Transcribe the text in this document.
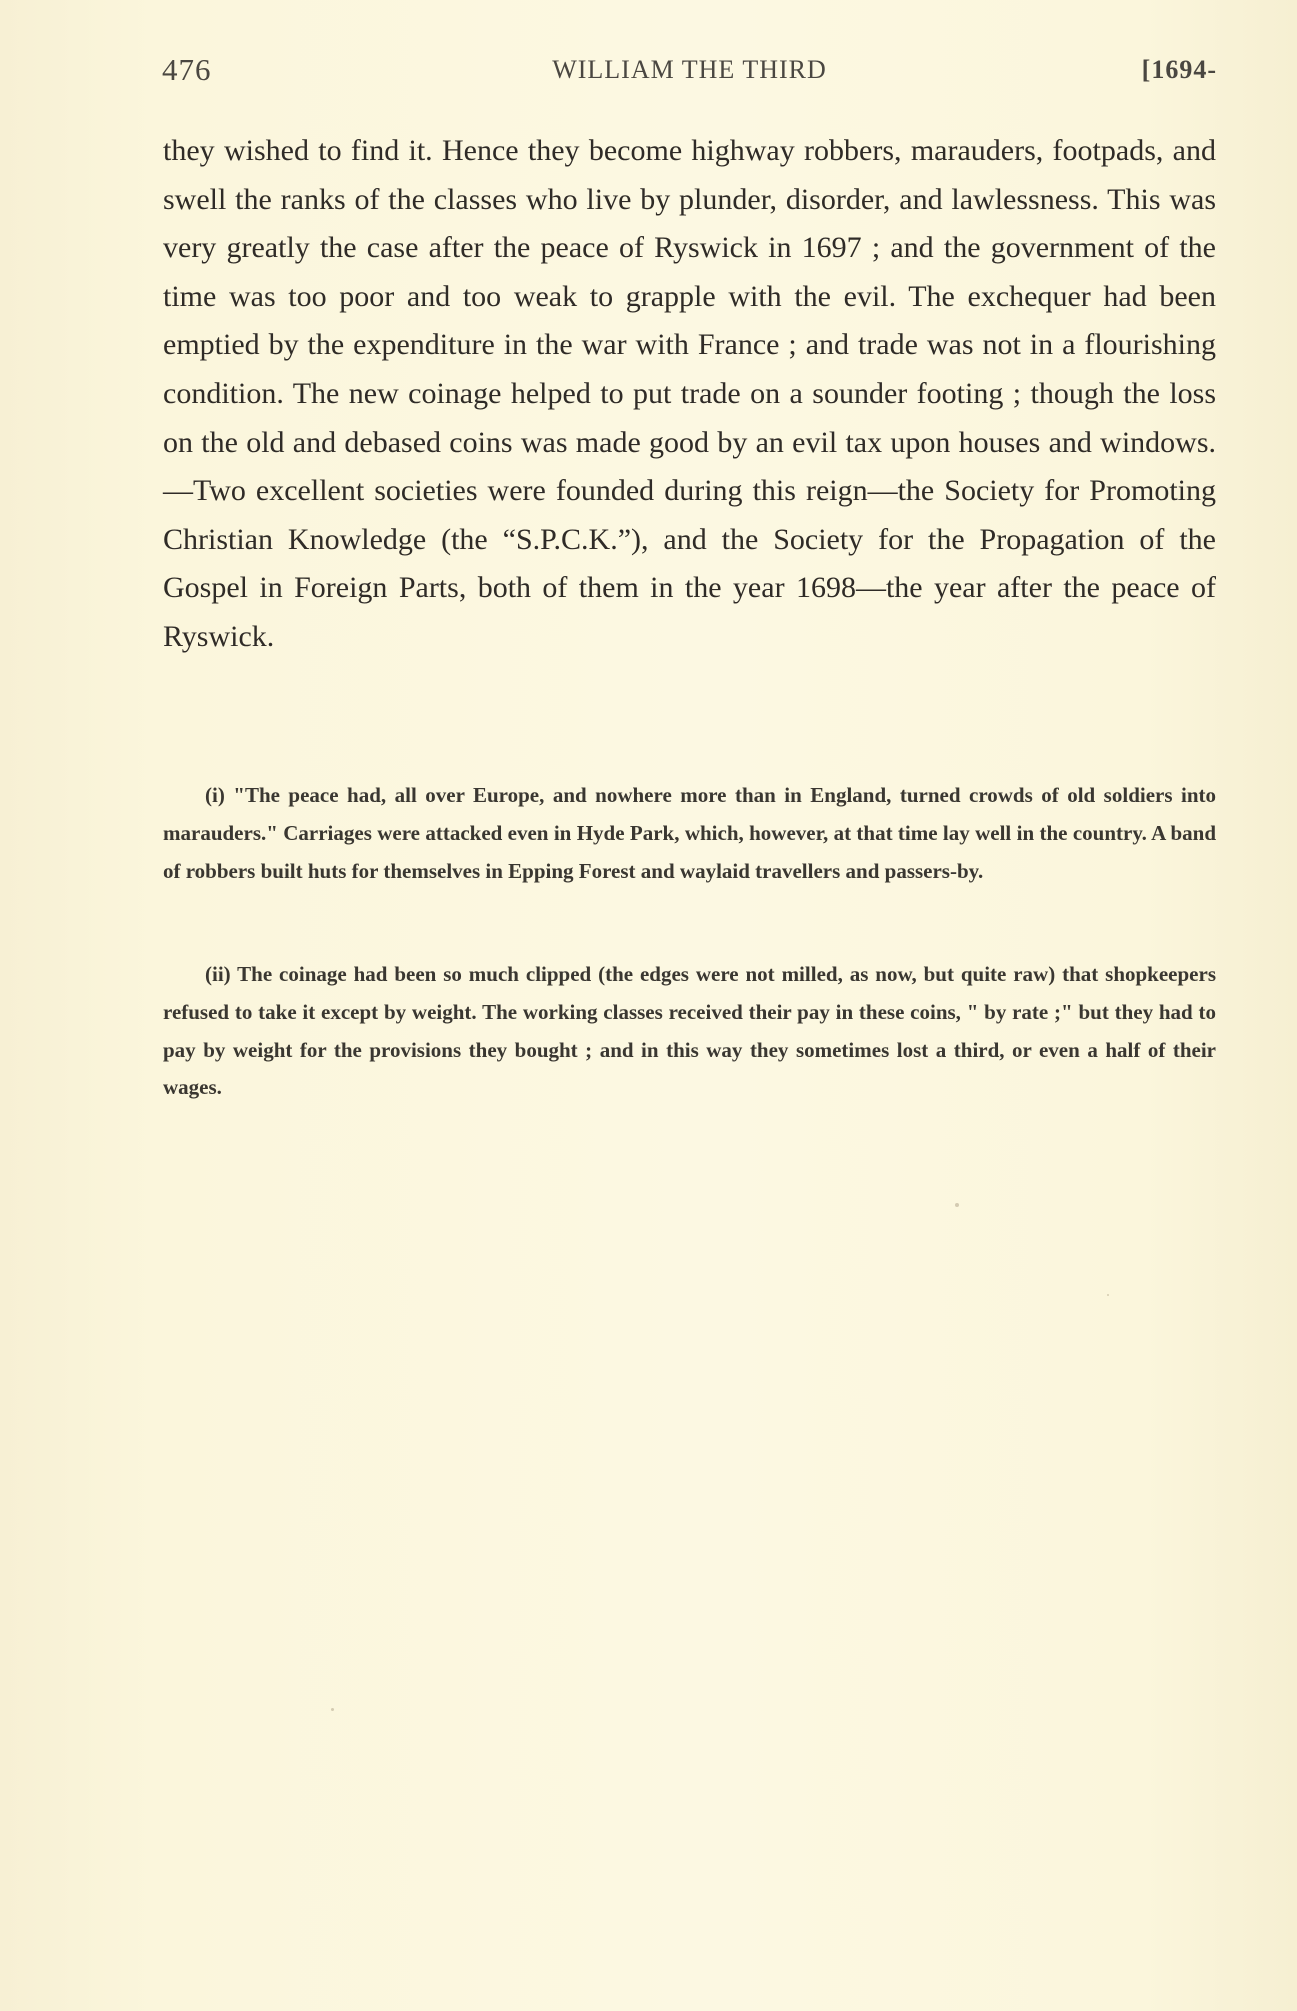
476	WILLIAM THE THIRD	[1694-

they wished to find it. Hence they become highway robbers, marauders, footpads, and swell the ranks of the classes who live by plunder, disorder, and lawlessness. This was very greatly the case after the peace of Ryswick in 1697 ; and the government of the time was too poor and too weak to grapple with the evil. The exchequer had been emptied by the expenditure in the war with France ; and trade was not in a flourishing condition. The new coinage helped to put trade on a sounder footing ; though the loss on the old and debased coins was made good by an evil tax upon houses and windows. —Two excellent societies were founded during this reign—the Society for Promoting Christian Knowledge (the “S.P.C.K.”), and the Society for the Propagation of the Gospel in Foreign Parts, both of them in the year 1698—the year after the peace of Ryswick.

(i) "The peace had, all over Europe, and nowhere more than in England, turned crowds of old soldiers into marauders." Carriages were attacked even in Hyde Park, which, however, at that time lay well in the country. A band of robbers built huts for themselves in Epping Forest and waylaid travellers and passers-by.

(ii) The coinage had been so much clipped (the edges were not milled, as now, but quite raw) that shopkeepers refused to take it except by weight. The working classes received their pay in these coins, " by rate ;" but they had to pay by weight for the provisions they bought ; and in this way they sometimes lost a third, or even a half of their wages.
